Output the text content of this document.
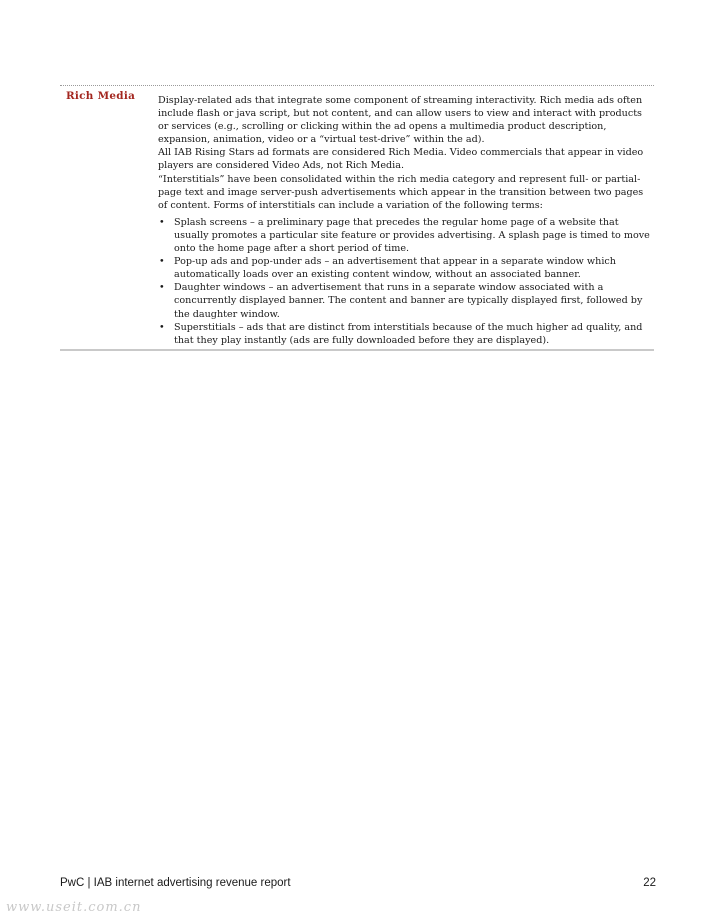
Rich Media	Display-related ads that integrate some component of streaming interactivity. Rich media ads often include flash or java script, but not content, and can allow users to view and interact with products or services (e.g., scrolling or clicking within the ad opens a multimedia product description, expansion, animation, video or a “virtual test-drive” within the ad).

All IAB Rising Stars ad formats are considered Rich Media. Video commercials that appear in video players are considered Video Ads, not Rich Media.

“Interstitials” have been consolidated within the rich media category and represent full- or partial-page text and image server-push advertisements which appear in the transition between two pages of content. Forms of interstitials can include a variation of the following terms:

• Splash screens – a preliminary page that precedes the regular home page of a website that usually promotes a particular site feature or provides advertising. A splash page is timed to move onto the home page after a short period of time.
• Pop-up ads and pop-under ads – an advertisement that appear in a separate window which automatically loads over an existing content window, without an associated banner.
• Daughter windows – an advertisement that runs in a separate window associated with a concurrently displayed banner. The content and banner are typically displayed first, followed by the daughter window.
• Superstitials – ads that are distinct from interstitials because of the much higher ad quality, and that they play instantly (ads are fully downloaded before they are displayed).
PwC | IAB internet advertising revenue report	22
www.useit.com.cn
